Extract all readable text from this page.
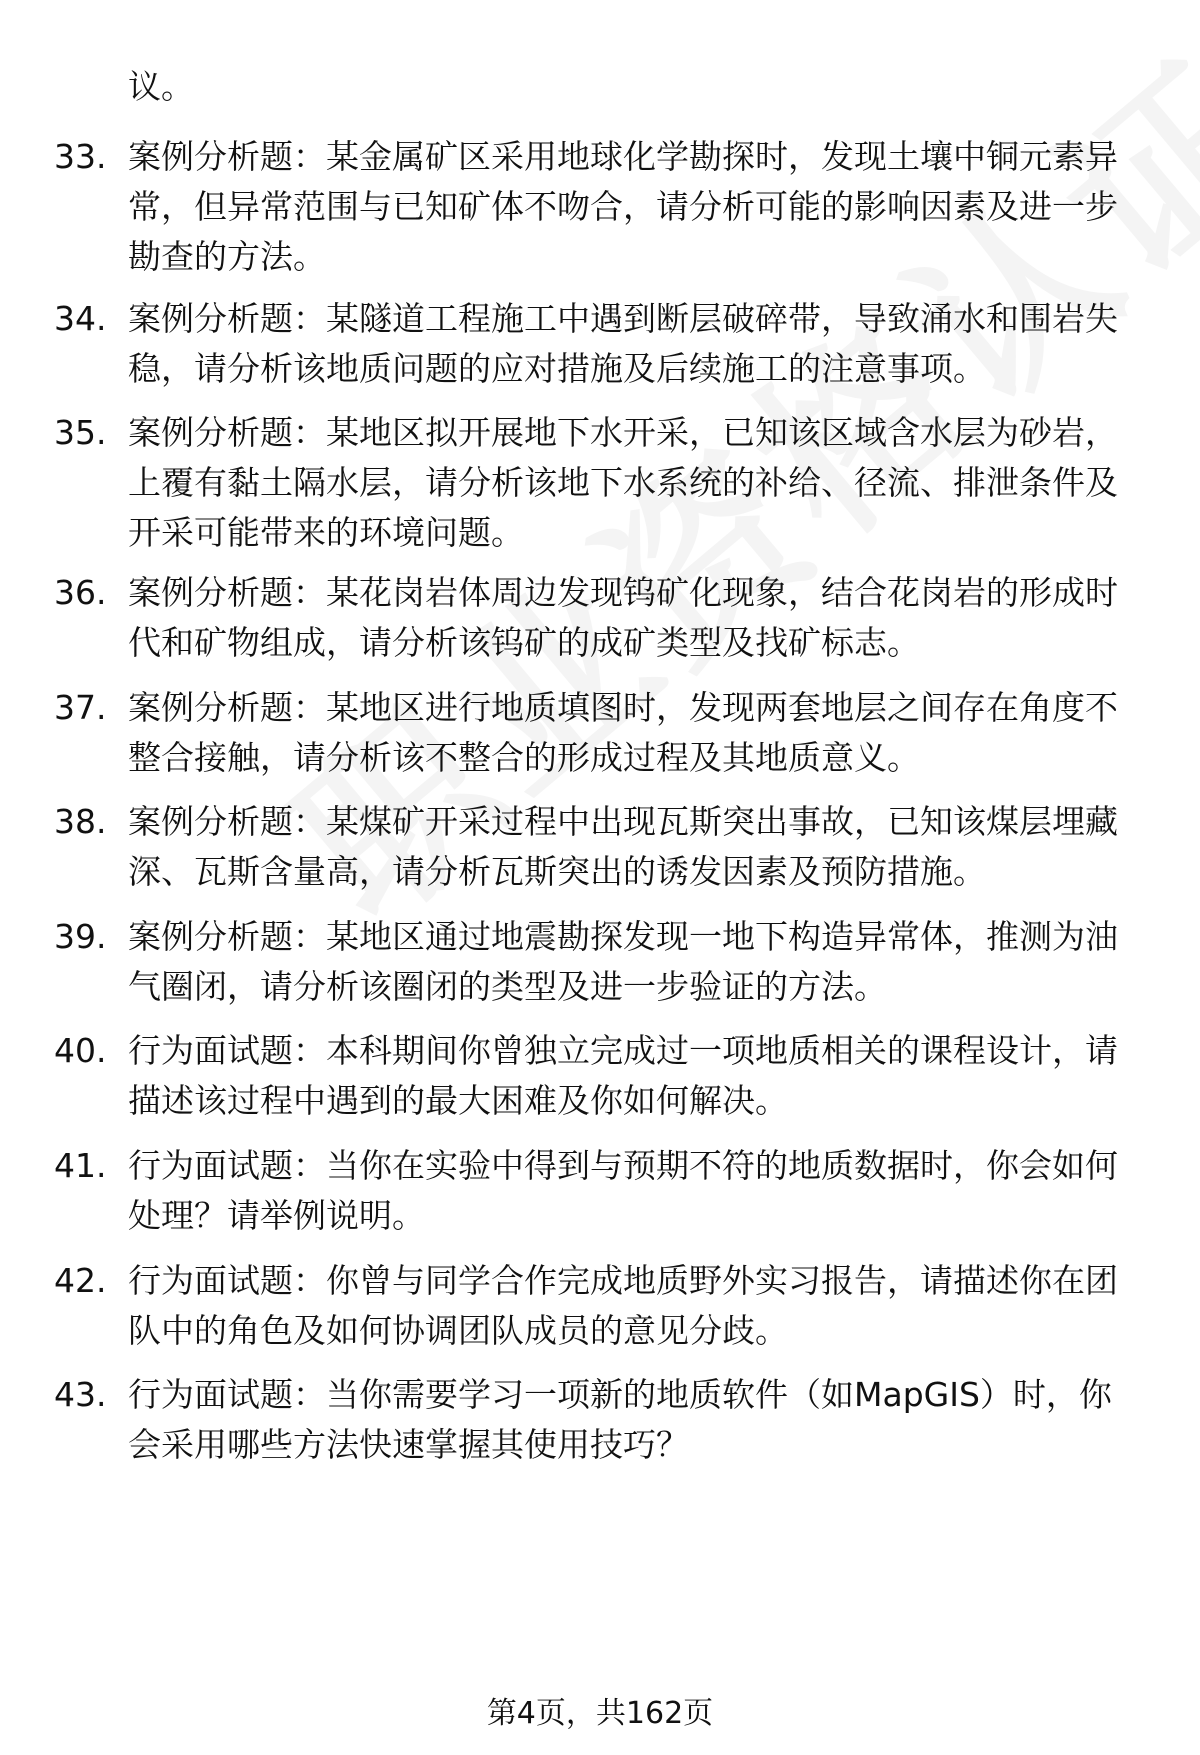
议。
33. 案例分析题：某金属矿区采用地球化学勘探时，发现土壤中铜元素异常，但异常范围与已知矿体不吻合，请分析可能的影响因素及进一步勘查的方法。
34. 案例分析题：某隧道工程施工中遇到断层破碎带，导致涌水和围岩失稳，请分析该地质问题的应对措施及后续施工的注意事项。
35. 案例分析题：某地区拟开展地下水开采，已知该区域含水层为砂岩，上覆有黏土隔水层，请分析该地下水系统的补给、径流、排泄条件及开采可能带来的环境问题。
36. 案例分析题：某花岗岩体周边发现钨矿化现象，结合花岗岩的形成时代和矿物组成，请分析该钨矿的成矿类型及找矿标志。
37. 案例分析题：某地区进行地质填图时，发现两套地层之间存在角度不整合接触，请分析该不整合的形成过程及其地质意义。
38. 案例分析题：某煤矿开采过程中出现瓦斯突出事故，已知该煤层埋藏深、瓦斯含量高，请分析瓦斯突出的诱发因素及预防措施。
39. 案例分析题：某地区通过地震勘探发现一地下构造异常体，推测为油气圈闭，请分析该圈闭的类型及进一步验证的方法。
40. 行为面试题：本科期间你曾独立完成过一项地质相关的课程设计，请描述该过程中遇到的最大困难及你如何解决。
41. 行为面试题：当你在实验中得到与预期不符的地质数据时，你会如何处理？请举例说明。
42. 行为面试题：你曾与同学合作完成地质野外实习报告，请描述你在团队中的角色及如何协调团队成员的意见分歧。
43. 行为面试题：当你需要学习一项新的地质软件（如MapGIS）时，你会采用哪些方法快速掌握其使用技巧？
第4页，共162页
